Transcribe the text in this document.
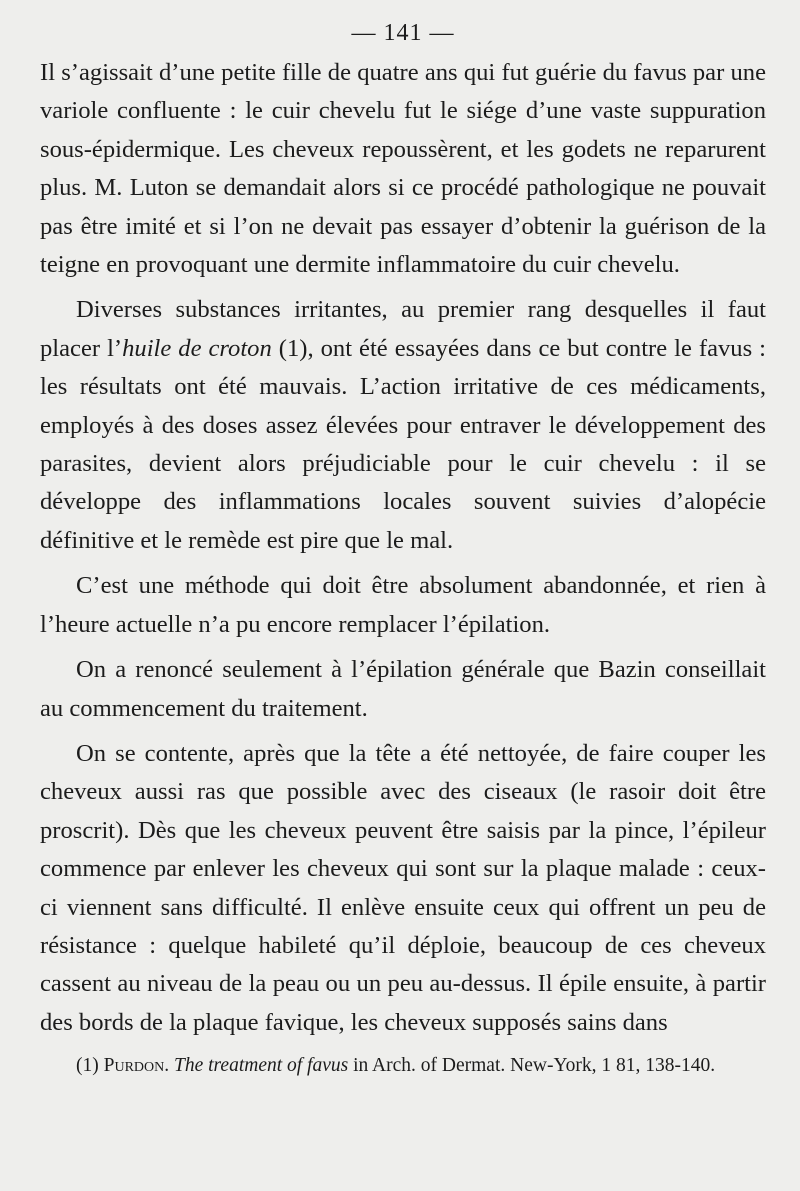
— 141 —

Il s’agissait d’une petite fille de quatre ans qui fut guérie du favus par une variole confluente : le cuir chevelu fut le siége d’une vaste suppuration sous-épidermique. Les cheveux repoussèrent, et les godets ne reparurent plus. M. Luton se demandait alors si ce procédé pathologique ne pouvait pas être imité et si l’on ne devait pas essayer d’obtenir la guérison de la teigne en provoquant une dermite inflammatoire du cuir chevelu.

Diverses substances irritantes, au premier rang desquelles il faut placer l’huile de croton (1), ont été essayées dans ce but contre le favus : les résultats ont été mauvais. L’action irritative de ces médicaments, employés à des doses assez élevées pour entraver le développement des parasites, devient alors préjudiciable pour le cuir chevelu : il se développe des inflammations locales souvent suivies d’alopécie définitive et le remède est pire que le mal.

C’est une méthode qui doit être absolument abandonnée, et rien à l’heure actuelle n’a pu encore remplacer l’épilation.

On a renoncé seulement à l’épilation générale que Bazin conseillait au commencement du traitement.

On se contente, après que la tête a été nettoyée, de faire couper les cheveux aussi ras que possible avec des ciseaux (le rasoir doit être proscrit). Dès que les cheveux peuvent être saisis par la pince, l’épileur commence par enlever les cheveux qui sont sur la plaque malade : ceux-ci viennent sans difficulté. Il enlève ensuite ceux qui offrent un peu de résistance : quelque habileté qu’il déploie, beaucoup de ces cheveux cassent au niveau de la peau ou un peu au-dessus. Il épile ensuite, à partir des bords de la plaque favique, les cheveux supposés sains dans

(1) Purdon. The treatment of favus in Arch. of Dermat. New-York, 1 81, 138-140.
